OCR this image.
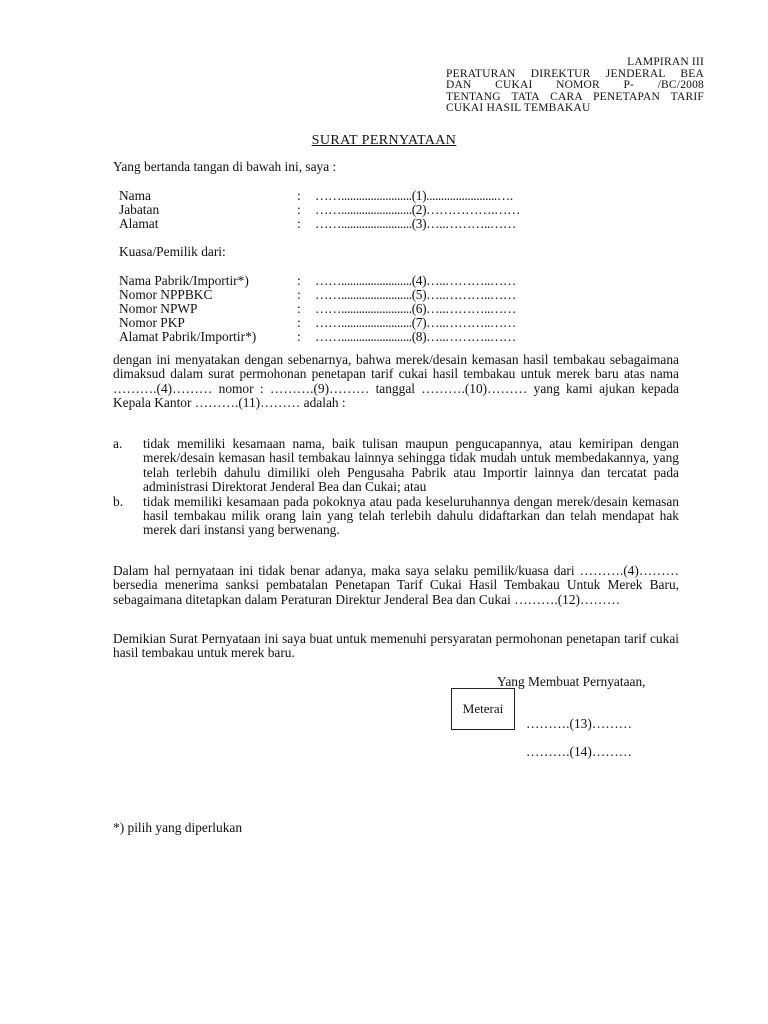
LAMPIRAN III
PERATURAN DIREKTUR JENDERAL BEA
DAN CUKAI NOMOR P- /BC/2008
TENTANG TATA CARA PENETAPAN TARIF
CUKAI HASIL TEMBAKAU
SURAT PERNYATAAN
Yang bertanda tangan di bawah ini, saya :
Nama	: ……........................(1)........................….
Jabatan	: ……........................(2)…………….……
Alamat	: ……........................(3)…..………..……
Kuasa/Pemilik dari:
Nama Pabrik/Importir*)	: ……........................(4)…..………..……
Nomor NPPBKC	: ……........................(5)…..………..……
Nomor NPWP	: ……........................(6)…..………..……
Nomor PKP	: ……........................(7)…..………..……
Alamat Pabrik/Importir*)	: ……........................(8)…..………..……
dengan ini menyatakan dengan sebenarnya, bahwa merek/desain kemasan hasil tembakau sebagaimana dimaksud dalam surat permohonan penetapan tarif cukai hasil tembakau untuk merek baru atas nama ……….(4)……… nomor : ……….(9)……… tanggal ……….(10)……… yang kami ajukan kepada Kepala Kantor ……….(11)……… adalah :
a. tidak memiliki kesamaan nama, baik tulisan maupun pengucapannya, atau kemiripan dengan merek/desain kemasan hasil tembakau lainnya sehingga tidak mudah untuk membedakannya, yang telah terlebih dahulu dimiliki oleh Pengusaha Pabrik atau Importir lainnya dan tercatat pada administrasi Direktorat Jenderal Bea dan Cukai; atau
b. tidak memiliki kesamaan pada pokoknya atau pada keseluruhannya dengan merek/desain kemasan hasil tembakau milik orang lain yang telah terlebih dahulu didaftarkan dan telah mendapat hak merek dari instansi yang berwenang.
Dalam hal pernyataan ini tidak benar adanya, maka saya selaku pemilik/kuasa dari ……….(4)……… bersedia menerima sanksi pembatalan Penetapan Tarif Cukai Hasil Tembakau Untuk Merek Baru, sebagaimana ditetapkan dalam Peraturan Direktur Jenderal Bea dan Cukai ……….(12)………
Demikian Surat Pernyataan ini saya buat untuk memenuhi persyaratan permohonan penetapan tarif cukai hasil tembakau untuk merek baru.
Yang Membuat Pernyataan,
Meterai
……….(13)………
……….(14)………
*) pilih yang diperlukan
